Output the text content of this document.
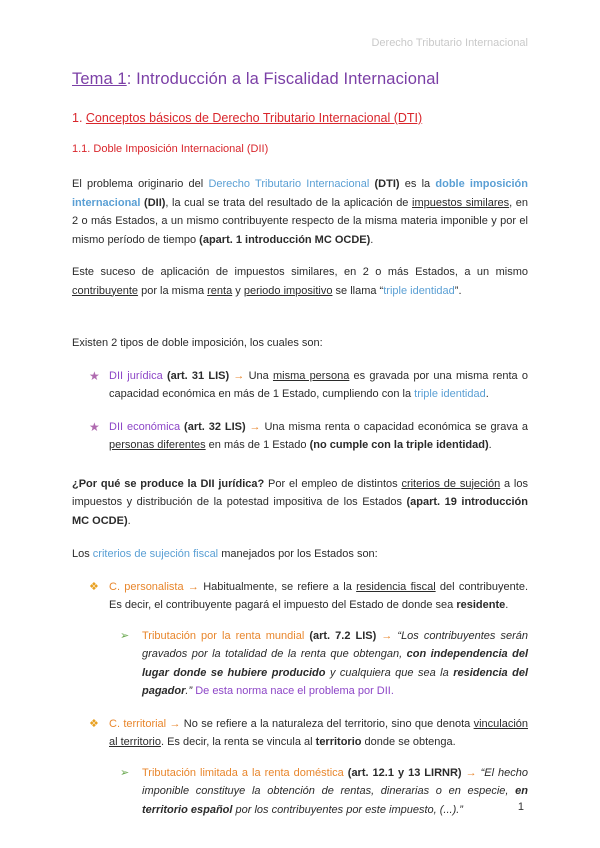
Derecho Tributario Internacional
Tema 1: Introducción a la Fiscalidad Internacional
1. Conceptos básicos de Derecho Tributario Internacional (DTI)
1.1. Doble Imposición Internacional (DII)

El problema originario del Derecho Tributario Internacional (DTI) es la doble imposición internacional (DII), la cual se trata del resultado de la aplicación de impuestos similares, en 2 o más Estados, a un mismo contribuyente respecto de la misma materia imponible y por el mismo período de tiempo (apart. 1 introducción MC OCDE).

Este suceso de aplicación de impuestos similares, en 2 o más Estados, a un mismo contribuyente por la misma renta y periodo impositivo se llama “triple identidad”.

Existen 2 tipos de doble imposición, los cuales son:

★ DII jurídica (art. 31 LIS) → Una misma persona es gravada por una misma renta o capacidad económica en más de 1 Estado, cumpliendo con la triple identidad.
★ DII económica (art. 32 LIS) → Una misma renta o capacidad económica se grava a personas diferentes en más de 1 Estado (no cumple con la triple identidad).

¿Por qué se produce la DII jurídica? Por el empleo de distintos criterios de sujeción a los impuestos y distribución de la potestad impositiva de los Estados (apart. 19 introducción MC OCDE).

Los criterios de sujeción fiscal manejados por los Estados son:

❖ C. personalista → Habitualmente, se refiere a la residencia fiscal del contribuyente. Es decir, el contribuyente pagará el impuesto del Estado de donde sea residente.
➢ Tributación por la renta mundial (art. 7.2 LIS) → “Los contribuyentes serán gravados por la totalidad de la renta que obtengan, con independencia del lugar donde se hubiere producido y cualquiera que sea la residencia del pagador.” De esta norma nace el problema por DII.
❖ C. territorial → No se refiere a la naturaleza del territorio, sino que denota vinculación al territorio. Es decir, la renta se vincula al territorio donde se obtenga.
➢ Tributación limitada a la renta doméstica (art. 12.1 y 13 LIRNR) → “El hecho imponible constituye la obtención de rentas, dinerarias o en especie, en territorio español por los contribuyentes por este impuesto, (...).”	1
